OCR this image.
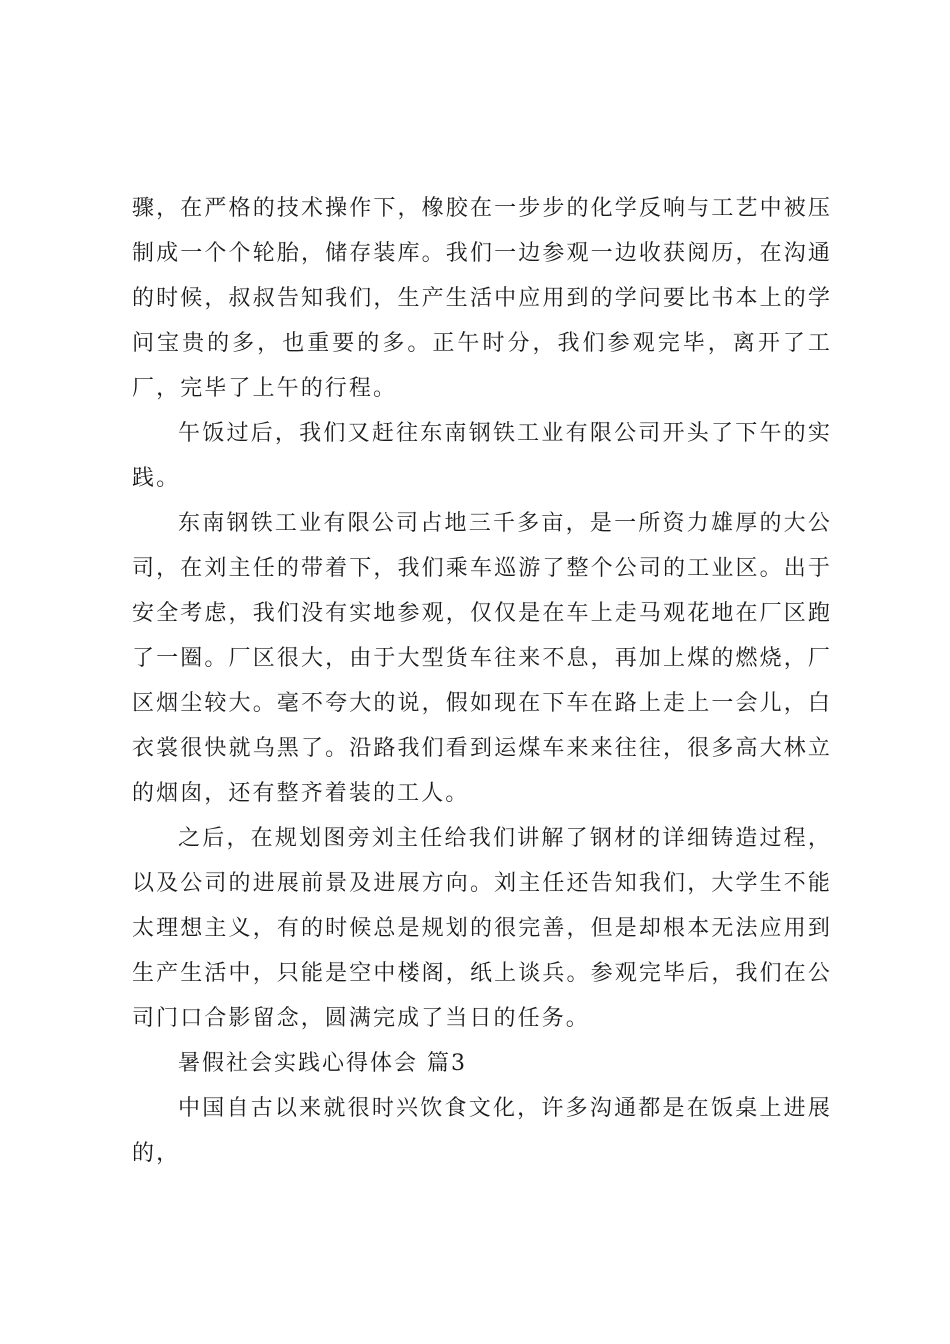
骤，在严格的技术操作下，橡胶在一步步的化学反响与工艺中被压制成一个个轮胎，储存装库。我们一边参观一边收获阅历，在沟通的时候，叔叔告知我们，生产生活中应用到的学问要比书本上的学问宝贵的多，也重要的多。正午时分，我们参观完毕，离开了工厂，完毕了上午的行程。

午饭过后，我们又赶往东南钢铁工业有限公司开头了下午的实践。

东南钢铁工业有限公司占地三千多亩，是一所资力雄厚的大公司，在刘主任的带着下，我们乘车巡游了整个公司的工业区。出于安全考虑，我们没有实地参观，仅仅是在车上走马观花地在厂区跑了一圈。厂区很大，由于大型货车往来不息，再加上煤的燃烧，厂区烟尘较大。毫不夸大的说，假如现在下车在路上走上一会儿，白衣裳很快就乌黑了。沿路我们看到运煤车来来往往，很多高大林立的烟囱，还有整齐着装的工人。

之后，在规划图旁刘主任给我们讲解了钢材的详细铸造过程，以及公司的进展前景及进展方向。刘主任还告知我们，大学生不能太理想主义，有的时候总是规划的很完善，但是却根本无法应用到生产生活中，只能是空中楼阁，纸上谈兵。参观完毕后，我们在公司门口合影留念，圆满完成了当日的任务。

暑假社会实践心得体会 篇3

中国自古以来就很时兴饮食文化，许多沟通都是在饭桌上进展的，
